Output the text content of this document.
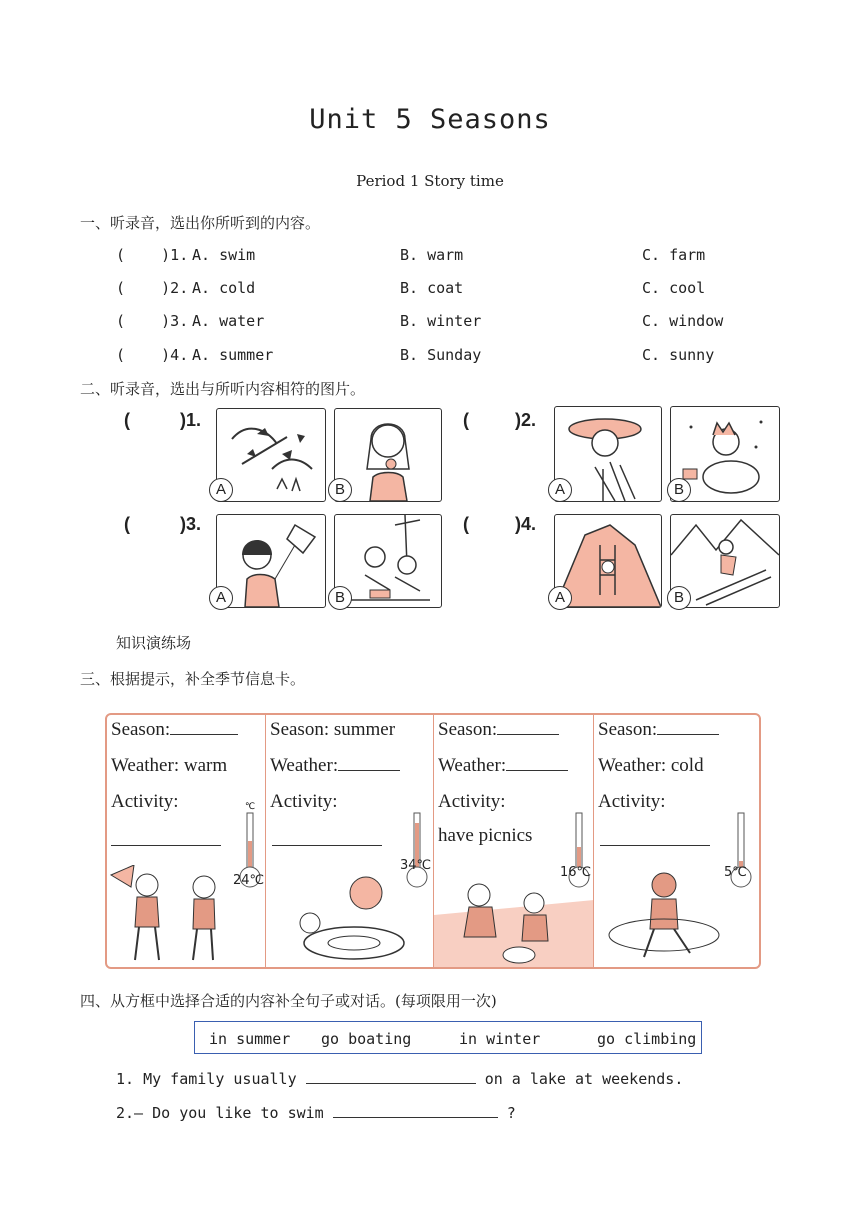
Unit 5 Seasons
Period 1 Story time
一、听录音，选出你所听到的内容。
(    )1. A. swim	B. warm	C. farm
(    )2. A. cold	B. coat	C. cool
(    )3. A. water	B. winter	C. window
(    )4. A. summer	B. Sunday	C. sunny
二、听录音，选出与所听内容相符的图片。
(	)1.
A	B
(	)2.
A	B
(	)3.
A	B
(	)4.
A	B
知识演练场
三、根据提示，补全季节信息卡。
Season:
Weather: warm
Activity:	℃
24℃
Season: summer
Weather:
Activity:
34℃
Season:
Weather:
Activity:
have picnics
16℃
Season:
Weather: cold
Activity:
5℃
四、从方框中选择合适的内容补全句子或对话。(每项限用一次)
in summer go boating	in winter	go climbing
1. My family usually	on a lake at weekends.
2.— Do you like to swim	?
